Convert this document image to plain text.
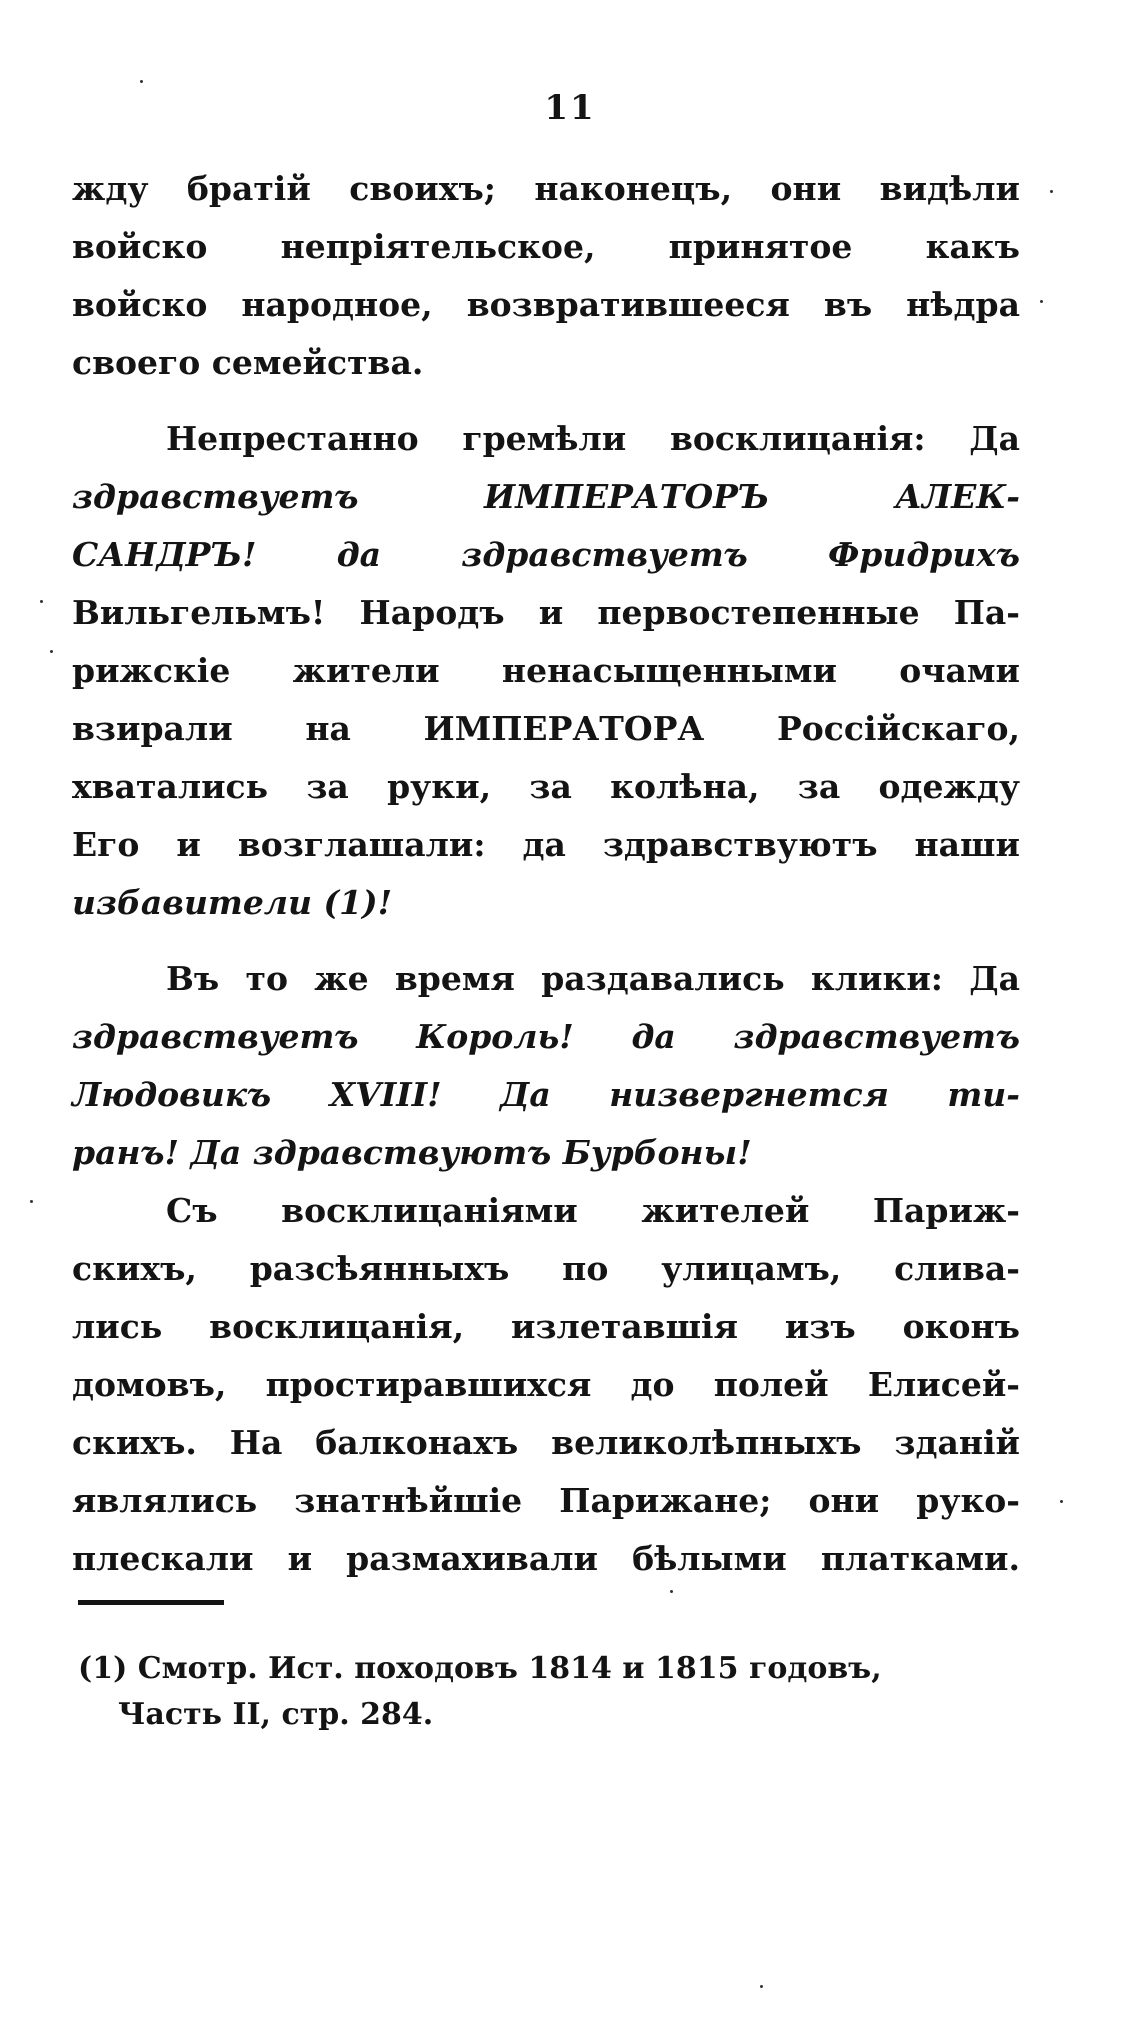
11
жду братій своихъ; наконецъ, они видѣли
войско непріятельское, принятое какъ
войско народное, возвратившееся въ нѣдра
своего семейства.
Непрестанно гремѣли восклицанія: Да
здравствуетъ ИМПЕРАТОРЪ АЛЕК-
САНДРЪ! да здравствуетъ Фридрихъ
Вильгельмъ! Народъ и первостепенные Па-
рижскіе жители ненасыщенными очами
взирали на ИМПЕРАТОРА Россійскаго,
хватались за руки, за колѣна, за одежду
Его и возглашали: да здравствуютъ наши
избавители (1)!
Въ то же время раздавались клики: Да
здравствуетъ Король! да здравствуетъ
Людовикъ XVIII! Да низвергнется ти-
ранъ! Да здравствуютъ Бурбоны!
Съ восклицаніями жителей Париж-
скихъ, разсѣянныхъ по улицамъ, слива-
лись восклицанія, излетавшія изъ оконъ
домовъ, простиравшихся до полей Елисей-
скихъ. На балконахъ великолѣпныхъ зданій
являлись знатнѣйшіе Парижане; они руко-
плескали и размахивали бѣлыми платками.
(1) Смотр. Ист. походовъ 1814 и 1815 годовъ,
Часть II, стр. 284.
